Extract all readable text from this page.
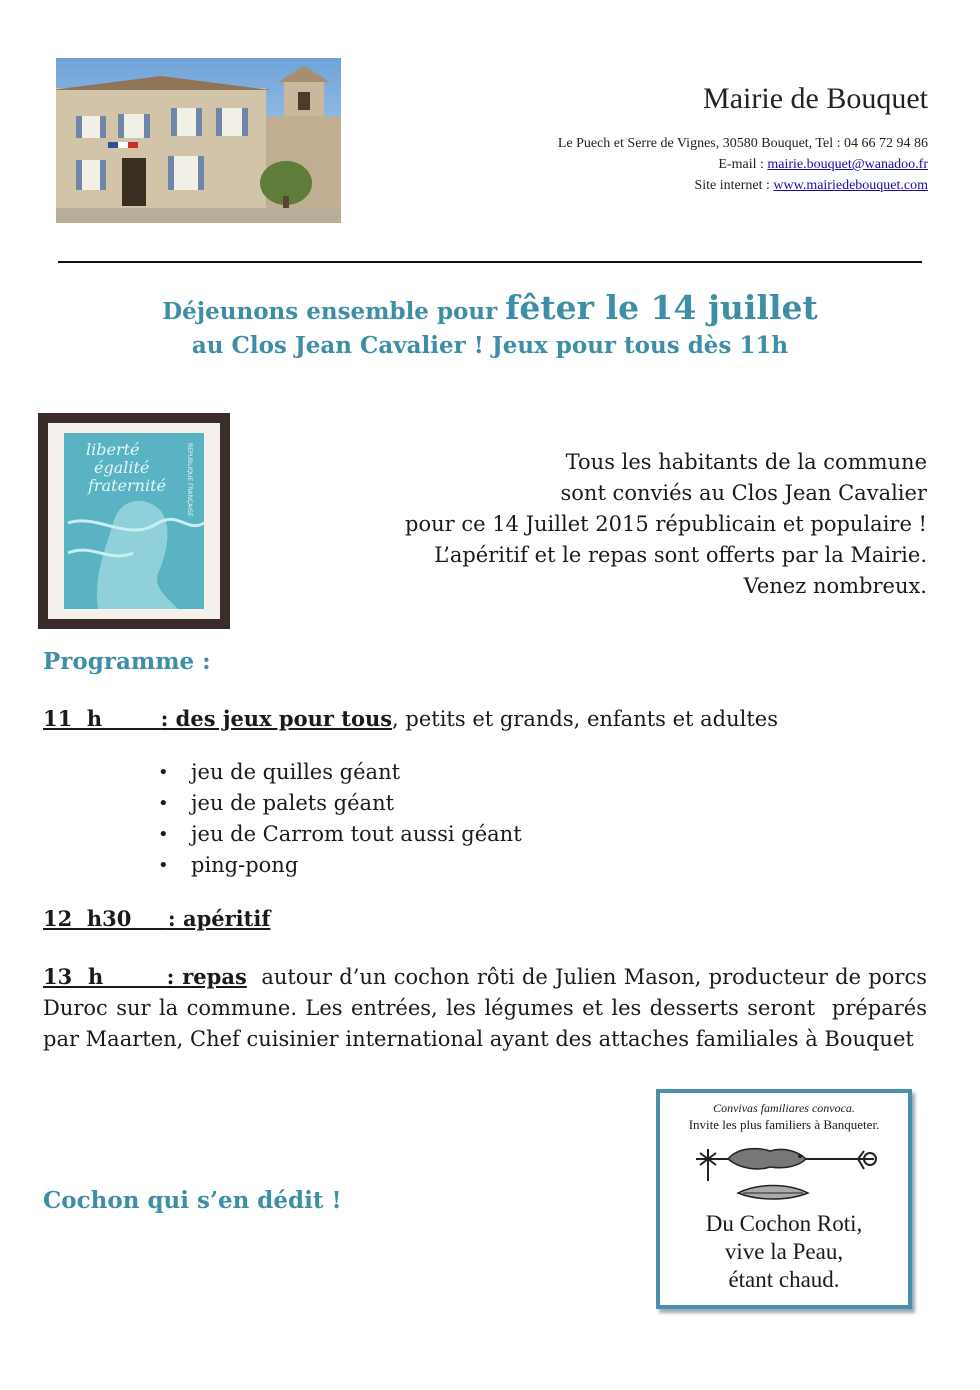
Mairie de Bouquet
Le Puech et Serre de Vignes, 30580 Bouquet, Tel : 04 66 72 94 86
E-mail : mairie.bouquet@wanadoo.fr
Site internet : www.mairiedebouquet.com
Déjeunons ensemble pour fêter le 14 juillet
au Clos Jean Cavalier ! Jeux pour tous dès 11h
liberté
égalité
fraternité	REPUBLIQUE FRANÇAISE	Tous les habitants de la commune
sont conviés au Clos Jean Cavalier
pour ce 14 Juillet 2015 républicain et populaire !
L’apéritif et le repas sont offerts par la Mairie.
Venez nombreux.
Programme :
11  h        : des jeux pour tous, petits et grands, enfants et adultes
• jeu de quilles géant
• jeu de palets géant
• jeu de Carrom tout aussi géant
• ping-pong
12  h30     : apéritif
13  h        : repas  autour d’un cochon rôti de Julien Mason, producteur de porcs Duroc sur la commune. Les entrées, les légumes et les desserts seront  préparés par Maarten, Chef cuisinier international ayant des attaches familiales à Bouquet
Cochon qui s’en dédit !
Convivas familiares convoca.
Invite les plus familiers à Banqueter.
Du Cochon Roti,
vive la Peau,
étant chaud.
